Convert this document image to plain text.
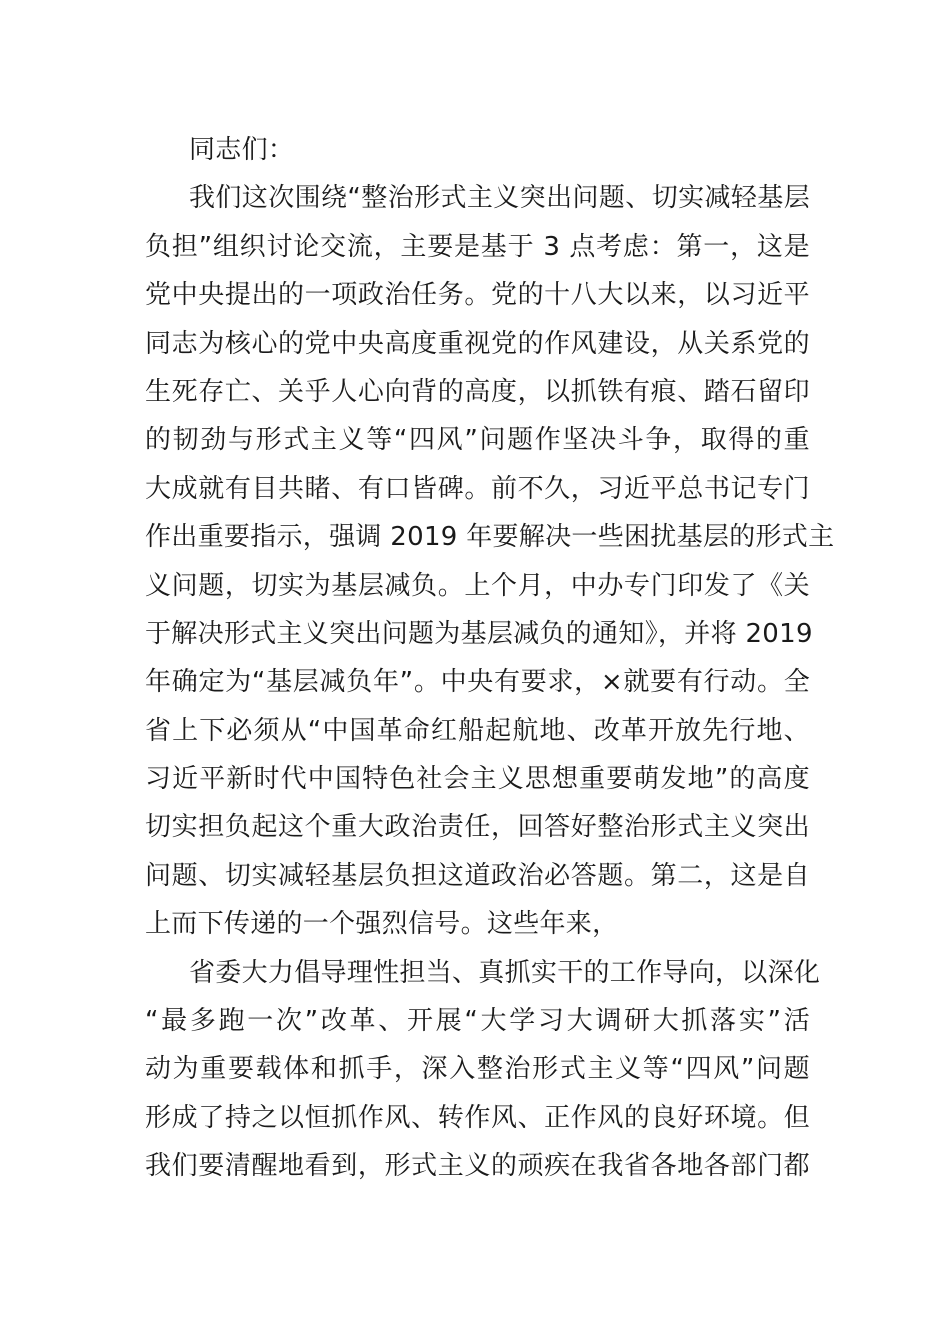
同志们：
我们这次围绕“整治形式主义突出问题、切实减轻基层
负担”组织讨论交流，主要是基于 3 点考虑：第一，这是
党中央提出的一项政治任务。党的十八大以来，以习近平
同志为核心的党中央高度重视党的作风建设，从关系党的
生死存亡、关乎人心向背的高度，以抓铁有痕、踏石留印
的韧劲与形式主义等“四风”问题作坚决斗争，取得的重
大成就有目共睹、有口皆碑。前不久，习近平总书记专门
作出重要指示，强调 2019 年要解决一些困扰基层的形式主
义问题，切实为基层减负。上个月，中办专门印发了《关
于解决形式主义突出问题为基层减负的通知》，并将 2019
年确定为“基层减负年”。中央有要求，×就要有行动。全
省上下必须从“中国革命红船起航地、改革开放先行地、
习近平新时代中国特色社会主义思想重要萌发地”的高度
切实担负起这个重大政治责任，回答好整治形式主义突出
问题、切实减轻基层负担这道政治必答题。第二，这是自
上而下传递的一个强烈信号。这些年来，
省委大力倡导理性担当、真抓实干的工作导向，以深化
“最多跑一次”改革、开展“大学习大调研大抓落实”活
动为重要载体和抓手，深入整治形式主义等“四风”问题
形成了持之以恒抓作风、转作风、正作风的良好环境。但
我们要清醒地看到，形式主义的顽疾在我省各地各部门都
